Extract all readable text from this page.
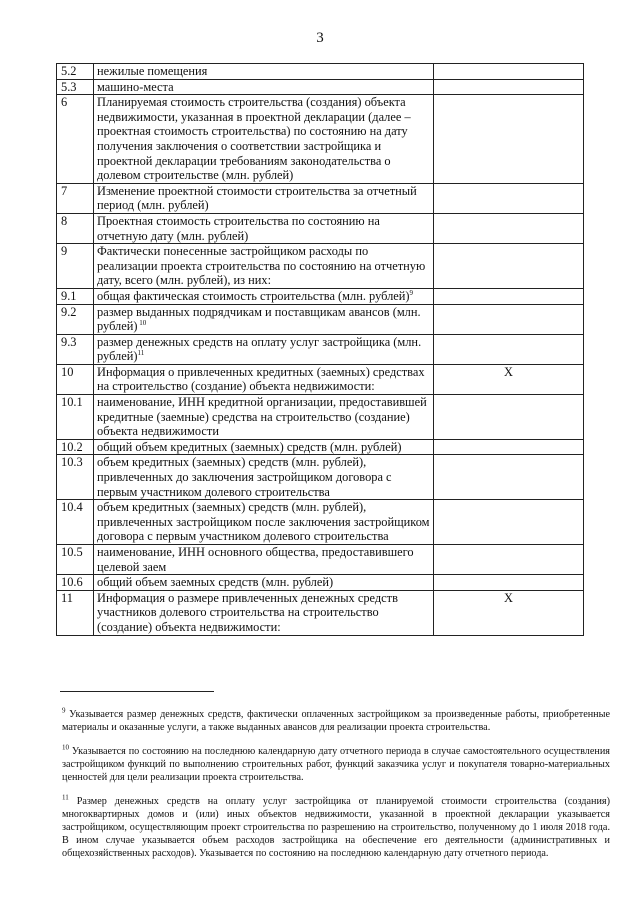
3
5.2	нежилые помещения	
5.3	машино-места	
6	Планируемая стоимость строительства (создания) объекта недвижимости, указанная в проектной декларации (далее – проектная стоимость строительства) по состоянию на дату получения заключения о соответствии застройщика и проектной декларации требованиям законодательства о долевом строительстве (млн. рублей)	
7	Изменение проектной стоимости строительства за отчетный период (млн. рублей)	
8	Проектная стоимость строительства по состоянию на отчетную дату (млн. рублей)	
9	Фактически понесенные застройщиком расходы по реализации проекта строительства по состоянию на отчетную дату, всего (млн. рублей), из них:	
9.1	общая фактическая стоимость строительства (млн. рублей)$^9$	
9.2	размер выданных подрядчикам и поставщикам авансов (млн. рублей) $^{10}$	
9.3	размер денежных средств на оплату услуг застройщика (млн. рублей)$^{11}$	
10	Информация о привлеченных кредитных (заемных) средствах на строительство (создание) объекта недвижимости:	X
10.1	наименование, ИНН кредитной организации, предоставившей кредитные (заемные) средства на строительство (создание) объекта недвижимости	
10.2	общий объем кредитных (заемных) средств (млн. рублей)	
10.3	объем кредитных (заемных) средств (млн. рублей), привлеченных до заключения застройщиком договора с первым участником долевого строительства	
10.4	объем кредитных (заемных) средств (млн. рублей), привлеченных застройщиком после заключения застройщиком договора с первым участником долевого строительства	
10.5	наименование, ИНН основного общества, предоставившего целевой заем	
10.6	общий объем заемных средств (млн. рублей)	
11	Информация о размере привлеченных денежных средств участников долевого строительства на строительство (создание) объекта недвижимости:	X

$^9$ Указывается размер денежных средств, фактически оплаченных застройщиком за произведенные работы, приобретенные материалы и оказанные услуги, а также выданных авансов для реализации проекта строительства.

$^{10}$ Указывается по состоянию на последнюю календарную дату отчетного периода в случае самостоятельного осуществления застройщиком функций по выполнению строительных работ, функций заказчика услуг и покупателя товарно-материальных ценностей для цели реализации проекта строительства.

$^{11}$ Размер денежных средств на оплату услуг застройщика от планируемой стоимости строительства (создания) многоквартирных домов и (или) иных объектов недвижимости, указанной в проектной декларации указывается застройщиком, осуществляющим проект строительства по разрешению на строительство, полученному до 1 июля 2018 года. В ином случае указывается объем расходов застройщика на обеспечение его деятельности (административных и общехозяйственных расходов). Указывается по состоянию на последнюю календарную дату отчетного периода.
